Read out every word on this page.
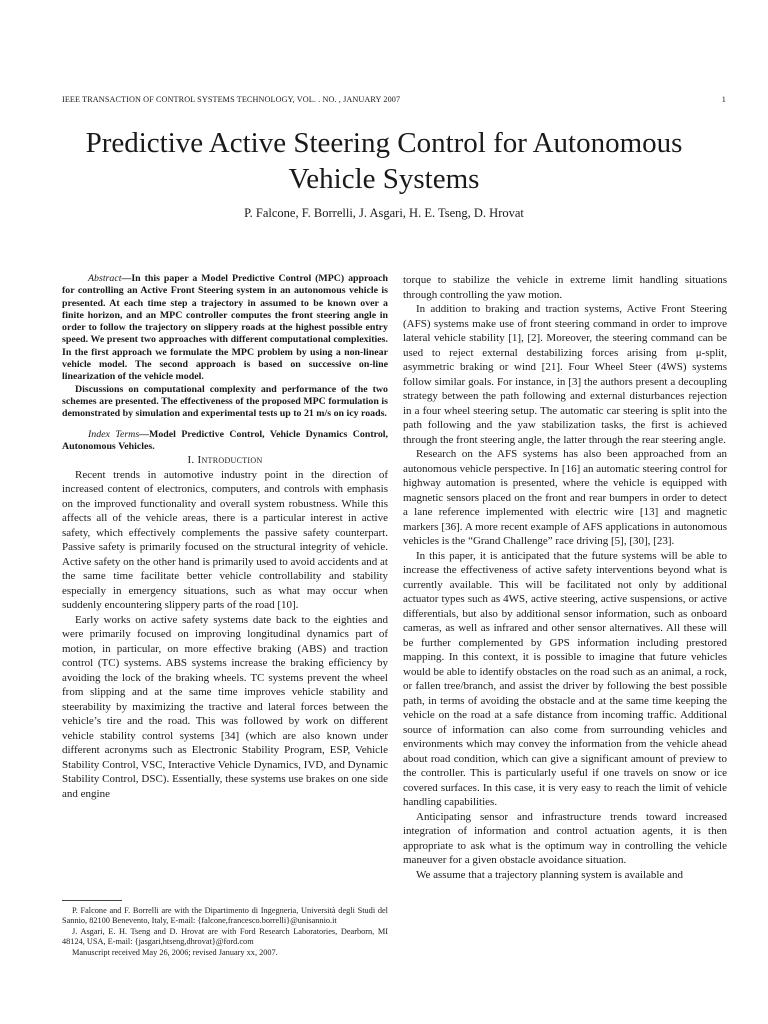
IEEE TRANSACTION OF CONTROL SYSTEMS TECHNOLOGY, VOL. . NO. , JANUARY 2007	1
Predictive Active Steering Control for Autonomous Vehicle Systems
P. Falcone, F. Borrelli, J. Asgari, H. E. Tseng, D. Hrovat

Abstract—In this paper a Model Predictive Control (MPC) approach for controlling an Active Front Steering system in an autonomous vehicle is presented. At each time step a trajectory in assumed to be known over a finite horizon, and an MPC controller computes the front steering angle in order to follow the trajectory on slippery roads at the highest possible entry speed. We present two approaches with different computational complexities. In the first approach we formulate the MPC problem by using a non-linear vehicle model. The second approach is based on successive on-line linearization of the vehicle model.

Discussions on computational complexity and performance of the two schemes are presented. The effectiveness of the proposed MPC formulation is demonstrated by simulation and experimental tests up to 21 m/s on icy roads.

Index Terms—Model Predictive Control, Vehicle Dynamics Control, Autonomous Vehicles.

I. Introduction

Recent trends in automotive industry point in the direction of increased content of electronics, computers, and controls with emphasis on the improved functionality and overall system robustness. While this affects all of the vehicle areas, there is a particular interest in active safety, which effectively complements the passive safety counterpart. Passive safety is primarily focused on the structural integrity of vehicle. Active safety on the other hand is primarily used to avoid accidents and at the same time facilitate better vehicle controllability and stability especially in emergency situations, such as what may occur when suddenly encountering slippery parts of the road [10].

Early works on active safety systems date back to the eighties and were primarily focused on improving longitudinal dynamics part of motion, in particular, on more effective braking (ABS) and traction control (TC) systems. ABS systems increase the braking efficiency by avoiding the lock of the braking wheels. TC systems prevent the wheel from slipping and at the same time improves vehicle stability and steerability by maximizing the tractive and lateral forces between the vehicle’s tire and the road. This was followed by work on different vehicle stability control systems [34] (which are also known under different acronyms such as Electronic Stability Program, ESP, Vehicle Stability Control, VSC, Interactive Vehicle Dynamics, IVD, and Dynamic Stability Control, DSC). Essentially, these systems use brakes on one side and engine

torque to stabilize the vehicle in extreme limit handling situations through controlling the yaw motion.

In addition to braking and traction systems, Active Front Steering (AFS) systems make use of front steering command in order to improve lateral vehicle stability [1], [2]. Moreover, the steering command can be used to reject external destabilizing forces arising from μ-split, asymmetric braking or wind [21]. Four Wheel Steer (4WS) systems follow similar goals. For instance, in [3] the authors present a decoupling strategy between the path following and external disturbances rejection in a four wheel steering setup. The automatic car steering is split into the path following and the yaw stabilization tasks, the first is achieved through the front steering angle, the latter through the rear steering angle.

Research on the AFS systems has also been approached from an autonomous vehicle perspective. In [16] an automatic steering control for highway automation is presented, where the vehicle is equipped with magnetic sensors placed on the front and rear bumpers in order to detect a lane reference implemented with electric wire [13] and magnetic markers [36]. A more recent example of AFS applications in autonomous vehicles is the “Grand Challenge” race driving [5], [30], [23].

In this paper, it is anticipated that the future systems will be able to increase the effectiveness of active safety interventions beyond what is currently available. This will be facilitated not only by additional actuator types such as 4WS, active steering, active suspensions, or active differentials, but also by additional sensor information, such as onboard cameras, as well as infrared and other sensor alternatives. All these will be further complemented by GPS information including prestored mapping. In this context, it is possible to imagine that future vehicles would be able to identify obstacles on the road such as an animal, a rock, or fallen tree/branch, and assist the driver by following the best possible path, in terms of avoiding the obstacle and at the same time keeping the vehicle on the road at a safe distance from incoming traffic. Additional source of information can also come from surrounding vehicles and environments which may convey the information from the vehicle ahead about road condition, which can give a significant amount of preview to the controller. This is particularly useful if one travels on snow or ice covered surfaces. In this case, it is very easy to reach the limit of vehicle handling capabilities.

Anticipating sensor and infrastructure trends toward increased integration of information and control actuation agents, it is then appropriate to ask what is the optimum way in controlling the vehicle maneuver for a given obstacle avoidance situation.

We assume that a trajectory planning system is available and

P. Falcone and F. Borrelli are with the Dipartimento di Ingegneria, Università degli Studi del Sannio, 82100 Benevento, Italy, E-mail: {falcone,francesco.borrelli}@unisannio.it

J. Asgari, E. H. Tseng and D. Hrovat are with Ford Research Laboratories, Dearborn, MI 48124, USA, E-mail: {jasgari,htseng,dhrovat}@ford.com

Manuscript received May 26, 2006; revised January xx, 2007.
